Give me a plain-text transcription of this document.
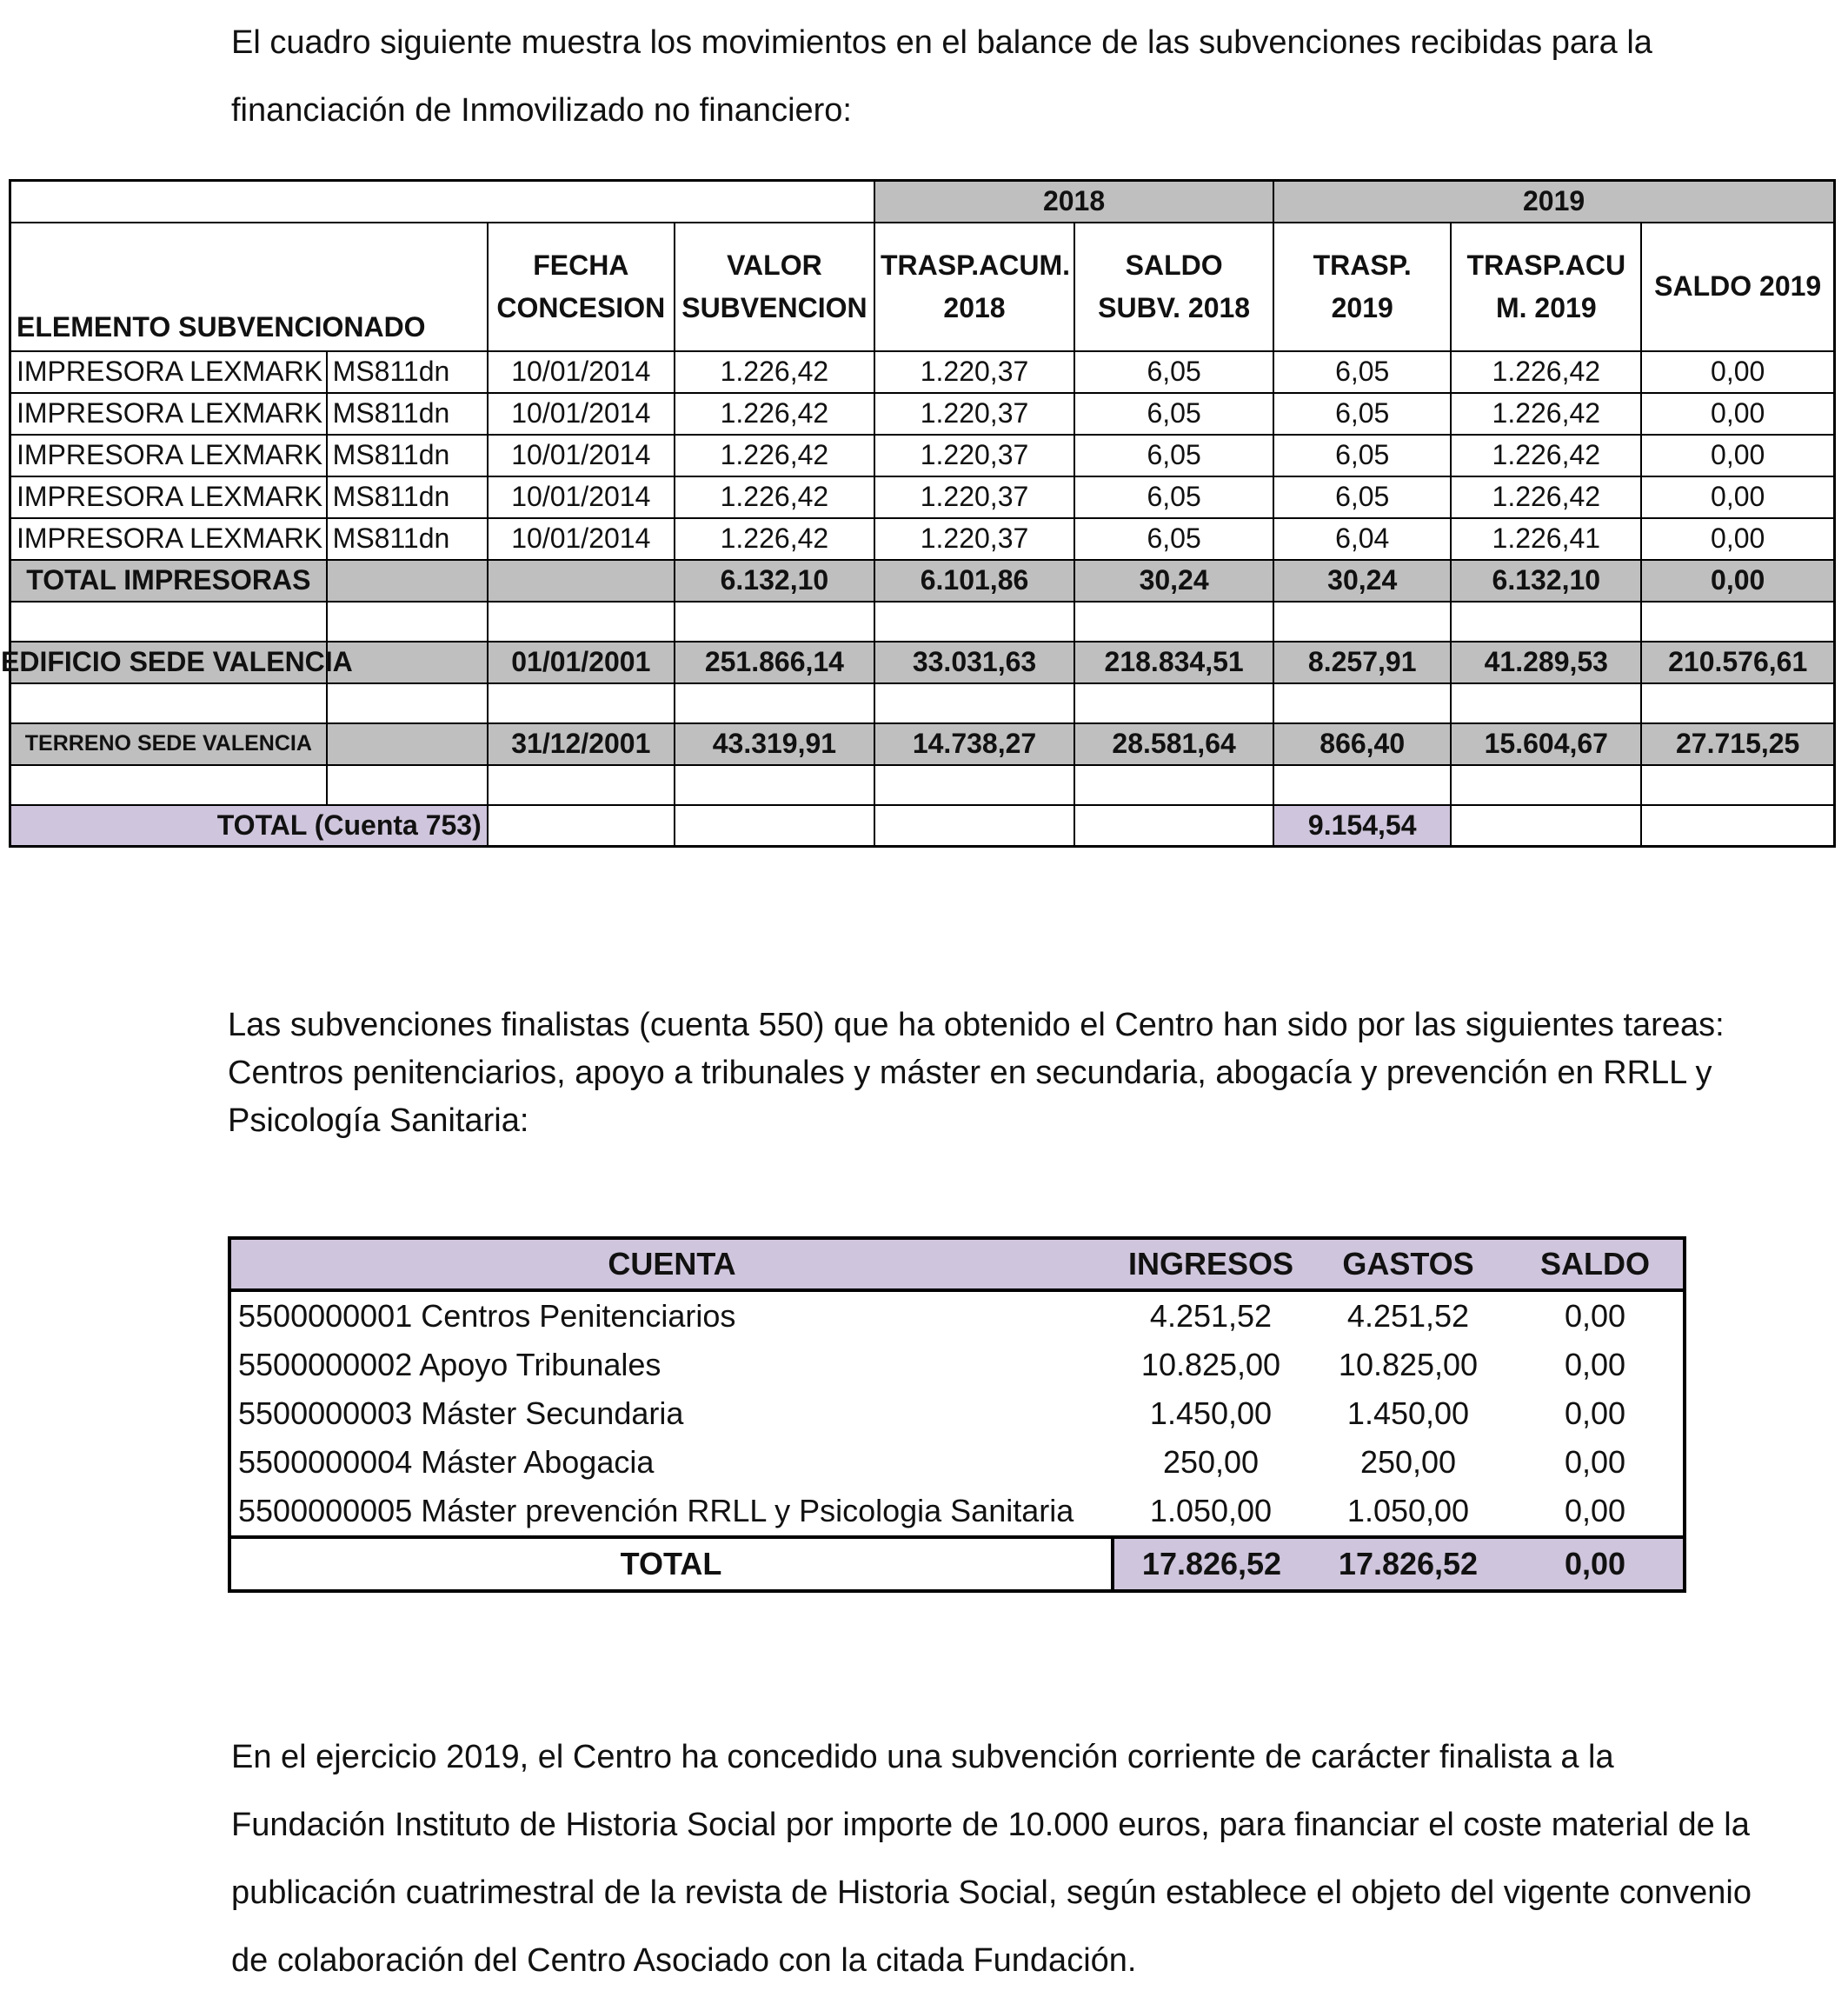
El cuadro siguiente muestra los movimientos en el balance de las subvenciones recibidas para la financiación de Inmovilizado no financiero:

				2018		2019		
ELEMENTO SUBVENCIONADO		FECHA CONCESION	VALOR SUBVENCION	TRASP.ACUM. 2018	SALDO SUBV. 2018	TRASP. 2019	TRASP.ACU M. 2019	SALDO 2019
IMPRESORA LEXMARK	MS811dn	10/01/2014	1.226,42	1.220,37	6,05	6,05	1.226,42	0,00
IMPRESORA LEXMARK	MS811dn	10/01/2014	1.226,42	1.220,37	6,05	6,05	1.226,42	0,00
IMPRESORA LEXMARK	MS811dn	10/01/2014	1.226,42	1.220,37	6,05	6,05	1.226,42	0,00
IMPRESORA LEXMARK	MS811dn	10/01/2014	1.226,42	1.220,37	6,05	6,05	1.226,42	0,00
IMPRESORA LEXMARK	MS811dn	10/01/2014	1.226,42	1.220,37	6,05	6,04	1.226,41	0,00
TOTAL IMPRESORAS			6.132,10	6.101,86	30,24	30,24	6.132,10	0,00

EDIFICIO SEDE VALENCIA		01/01/2001	251.866,14	33.031,63	218.834,51	8.257,91	41.289,53	210.576,61

TERRENO SEDE VALENCIA		31/12/2001	43.319,91	14.738,27	28.581,64	866,40	15.604,67	27.715,25

TOTAL (Cuenta 753)						9.154,54		

Las subvenciones finalistas (cuenta 550) que ha obtenido el Centro han sido por las siguientes tareas: Centros penitenciarios, apoyo a tribunales y máster en secundaria, abogacía y prevención en RRLL y Psicología Sanitaria:

CUENTA	INGRESOS	GASTOS	SALDO
5500000001 Centros Penitenciarios	4.251,52	4.251,52	0,00
5500000002 Apoyo Tribunales	10.825,00	10.825,00	0,00
5500000003 Máster Secundaria	1.450,00	1.450,00	0,00
5500000004 Máster Abogacia	250,00	250,00	0,00
5500000005 Máster prevención RRLL y Psicologia Sanitaria	1.050,00	1.050,00	0,00
TOTAL	17.826,52	17.826,52	0,00

En el ejercicio 2019, el Centro ha concedido una subvención corriente de carácter finalista a la Fundación Instituto de Historia Social por importe de 10.000 euros, para financiar el coste material de la publicación cuatrimestral de la revista de Historia Social, según establece el objeto del vigente convenio de colaboración del Centro Asociado con la citada Fundación.
